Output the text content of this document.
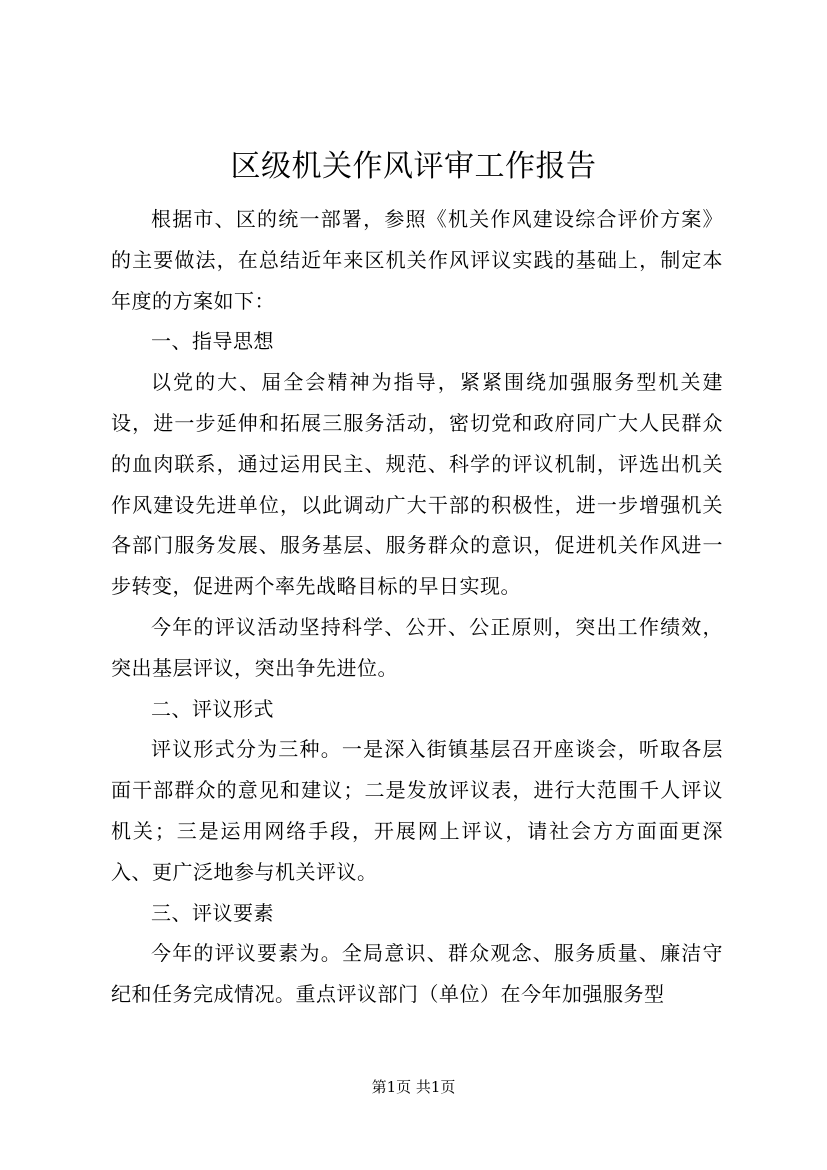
区级机关作风评审工作报告

根据市、区的统一部署，参照《机关作风建设综合评价方案》的主要做法，在总结近年来区机关作风评议实践的基础上，制定本年度的方案如下：

一、指导思想

以党的大、届全会精神为指导，紧紧围绕加强服务型机关建设，进一步延伸和拓展三服务活动，密切党和政府同广大人民群众的血肉联系，通过运用民主、规范、科学的评议机制，评选出机关作风建设先进单位，以此调动广大干部的积极性，进一步增强机关各部门服务发展、服务基层、服务群众的意识，促进机关作风进一步转变，促进两个率先战略目标的早日实现。

今年的评议活动坚持科学、公开、公正原则，突出工作绩效，突出基层评议，突出争先进位。

二、评议形式

评议形式分为三种。一是深入街镇基层召开座谈会，听取各层面干部群众的意见和建议；二是发放评议表，进行大范围千人评议机关；三是运用网络手段，开展网上评议，请社会方方面面更深入、更广泛地参与机关评议。

三、评议要素

今年的评议要素为。全局意识、群众观念、服务质量、廉洁守纪和任务完成情况。重点评议部门（单位）在今年加强服务型

第1页 共1页
